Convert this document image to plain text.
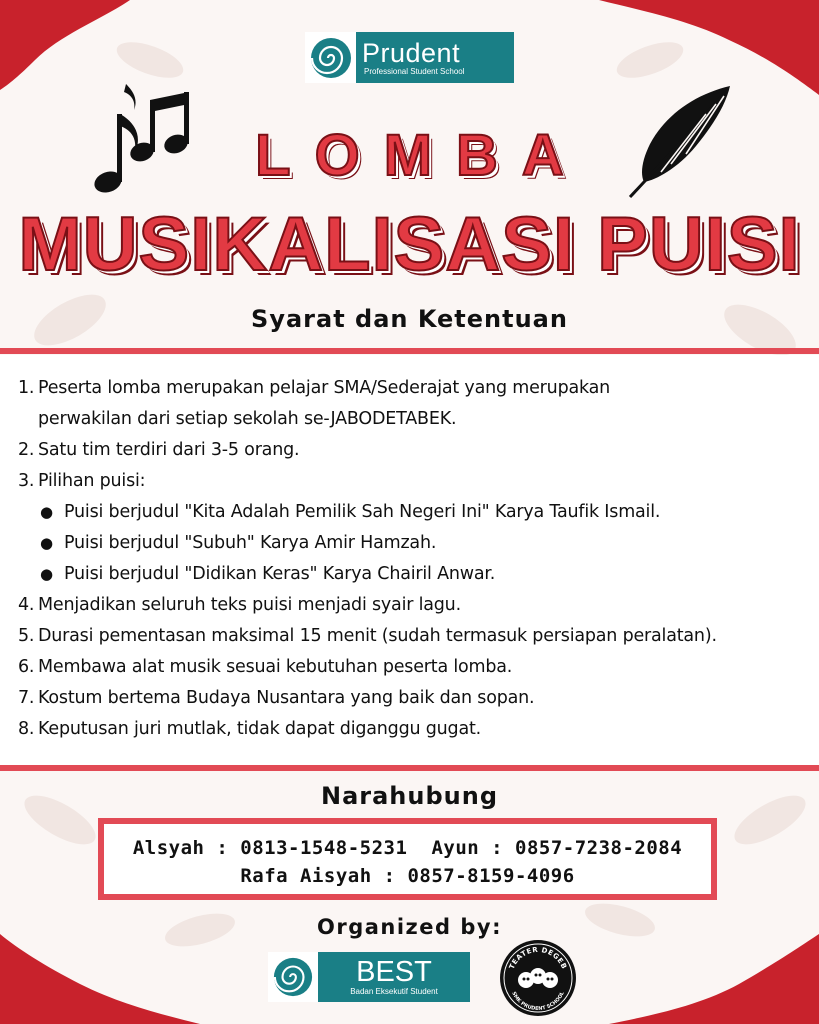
Prudent
Professional Student School
LOMBA
MUSIKALISASI PUISI
Syarat dan Ketentuan
1. Peserta lomba merupakan pelajar SMA/Sederajat yang merupakan
perwakilan dari setiap sekolah se-JABODETABEK.
2. Satu tim terdiri dari 3-5 orang.
3. Pilihan puisi:
● Puisi berjudul "Kita Adalah Pemilik Sah Negeri Ini" Karya Taufik Ismail.
● Puisi berjudul "Subuh" Karya Amir Hamzah.
● Puisi berjudul "Didikan Keras" Karya Chairil Anwar.
4. Menjadikan seluruh teks puisi menjadi syair lagu.
5. Durasi pementasan maksimal 15 menit (sudah termasuk persiapan peralatan).
6. Membawa alat musik sesuai kebutuhan peserta lomba.
7. Kostum bertema Budaya Nusantara yang baik dan sopan.
8. Keputusan juri mutlak, tidak dapat diganggu gugat.
Narahubung
Alsyah : 0813-1548-5231 Ayun : 0857-7238-2084
Rafa Aisyah : 0857-8159-4096
Organized by:
BEST
Badan Eksekutif Student
TEATER DEGEB
SMK PRUDENT SCHOOL
